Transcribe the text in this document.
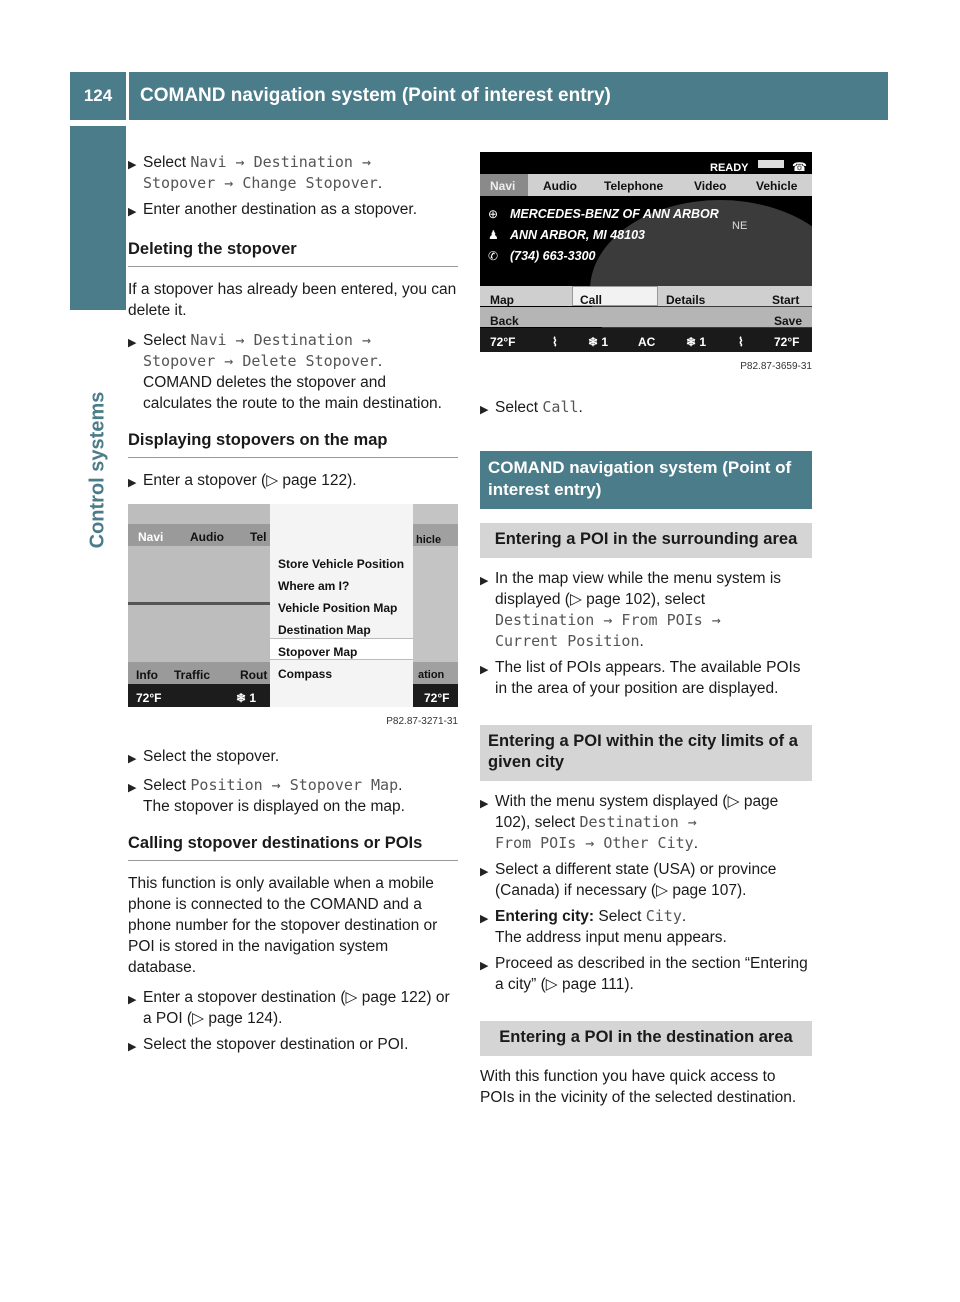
124	COMAND navigation system (Point of interest entry)
Control systems
▶ Select Navi → Destination →
Stopover → Change Stopover.
▶ Enter another destination as a stopover.
Deleting the stopover

If a stopover has already been entered, you can delete it.

▶ Select Navi → Destination →
Stopover → Delete Stopover.
COMAND deletes the stopover and calculates the route to the main destination.
Displaying stopovers on the map
▶ Enter a stopover (▷ page 122).
Navi Audio Tel
Info Traffic Rout
72°F	❄ 1
Store Vehicle Position
Where am I?
Vehicle Position Map
Destination Map
Stopover Map
Compass
hicle
ation
72°F
P82.87-3271-31
▶ Select the stopover.
▶ Select Position → Stopover Map.
The stopover is displayed on the map.
Calling stopover destinations or POIs

This function is only available when a mobile phone is connected to the COMAND and a phone number for the stopover destination or POI is stored in the navigation system database.

▶ Enter a stopover destination (▷ page 122) or a POI (▷ page 124).
▶ Select the stopover destination or POI.
READY	☎
Navi Audio Telephone	Video Vehicle
NE
⊕
♟
✆
MERCEDES-BENZ OF ANN ARBOR
ANN ARBOR, MI 48103
(734) 663-3300
Map	Call	Details	Start
Back	Save
72°F	⌇	❄ 1 AC	❄ 1	⌇	72°F
P82.87-3659-31
▶ Select Call.
COMAND navigation system (Point of interest entry)
Entering a POI in the surrounding area
▶ In the map view while the menu system is displayed (▷ page 102), select
Destination → From POIs →
Current Position.
▶ The list of POIs appears. The available POIs in the area of your position are displayed.
Entering a POI within the city limits of a given city
▶ With the menu system displayed (▷ page 102), select Destination →
From POIs → Other City.
▶ Select a different state (USA) or province (Canada) if necessary (▷ page 107).
▶ Entering city: Select City.
The address input menu appears.
▶ Proceed as described in the section “Entering a city” (▷ page 111).
Entering a POI in the destination area

With this function you have quick access to POIs in the vicinity of the selected destination.
